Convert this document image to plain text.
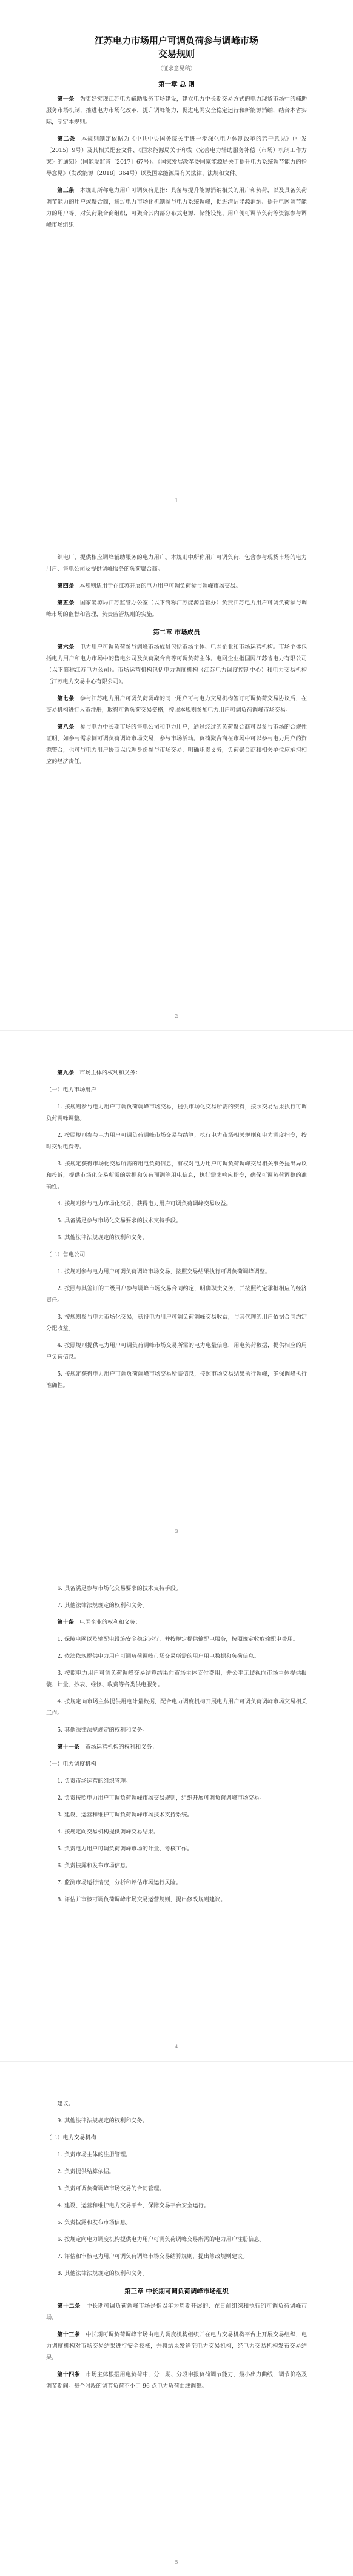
江苏电力市场用户可调负荷参与调峰市场
交易规则
（征求意见稿）
第一章 总 则

第一条　 为更好实现江苏电力辅助服务市场建设，建立电力中长期交易方式的电力现货市场中的辅助服务市场机制，推进电力市场化改革，提升调峰能力，促进电网安全稳定运行和新能源消纳，结合本省实际，制定本规则。

第二条　 本规则制定依据为《中共中央国务院关于进一步深化电力体制改革的若干意见》（中发〔2015〕9号）及其相关配套文件、《国家能源局关于印发〈完善电力辅助服务补偿（市场）机制工作方案〉的通知》（国能发监管〔2017〕67号）、《国家发展改革委国家能源局关于提升电力系统调节能力的指导意见》（发改能源〔2018〕364号）以及国家能源局有关法律、法规和文件。

第三条　 本规则所称电力用户可调负荷是指：具备与提升能源消纳相关的用户和负荷，以及具备负荷调节能力的用户或聚合商，通过电力市场化机制参与电力系统调峰，促进清洁能源消纳、提升电网调节能力的用户等。对负荷聚合商组织，可聚合其内部分布式电源、储能设施、用户侧可调节负荷等资源参与调峰市场组织

1

织电厂，提供相应调峰辅助服务的电力用户。本规则中所称用户可调负荷，包含参与现货市场的电力用户、售电公司及提供调峰服务的负荷聚合商。

第四条　 本规则适用于在江苏开展的电力用户可调负荷参与调峰市场交易。

第五条　 国家能源局江苏监管办公室（以下简称江苏能源监管办）负责江苏电力用户可调负荷参与调峰市场的监督和管理，负责监管规则的实施。

第二章 市场成员

第六条　 电力用户可调负荷参与调峰市场成员包括市场主体、电网企业和市场运营机构。市场主体包括电力用户和电力市场中的售电公司及负荷聚合商等可调负荷主体。电网企业指国网江苏省电力有限公司（以下简称江苏电力公司）。市场运营机构包括电力调度机构（江苏电力调度控制中心）和电力交易机构（江苏电力交易中心有限公司）。

第七条　 参与江苏电力用户可调负荷调峰的同一用户可与电力交易机构签订可调负荷交易协议后，在交易机构进行入市注册，取得可调负荷交易资格，按照本规则参加电力用户可调负荷调峰市场交易。

第八条　 参与电力中长期市场的售电公司和电力用户，通过经过的负荷聚合商可以参与市场的合规性证明，如参与需求侧可调负荷调峰市场交易，参与市场活动。负荷聚合商在市场中可以参与电力用户的资源整合，也可与电力用户协商以代理身份参与市场交易，明确职责义务，负荷聚合商和相关单位应承担相应的经济责任。

2

第九条　 市场主体的权利和义务：

（一）电力市场用户

1. 按规则参与电力用户可调负荷调峰市场交易，提供市场化交易所需的资料，按照交易结果执行可调负荷调峰调整。

2. 按照规则参与电力用户可调负荷调峰市场交易与结算，执行电力市场相关规则和电力调度指令，按时交纳电费等。

3. 按规定获得市场化交易所需的用电负荷信息，有权对电力用户可调负荷调峰交易相关事务提出异议和投诉，提供市场化交易所需的数据和负荷预测等用电信息，执行需求响应指令，确保可调负荷调整的准确性。

4. 按规则参与电力市场化交易，获得电力用户可调负荷调峰交易收益。

5. 具备满足参与市场化交易要求的技术支持手段。

6. 其他法律法规规定的权利和义务。

（二）售电公司

1. 按规则参与电力用户可调负荷调峰市场交易，按照交易结果执行可调负荷调峰调整。

2. 按照与其签订的二级用户参与调峰市场交易合同约定，明确职责义务，并按照约定承担相应的经济责任。

3. 按规则参与电力市场化交易，获得电力用户可调负荷调峰交易收益，与其代理的用户依据合同约定分配收益。

4. 按照规则提供电力用户可调负荷调峰市场交易所需的电力电量信息，用电负荷数据，提供相应的用户负荷信息。

5. 按规定获得电力用户可调负荷调峰市场交易所需信息，按照市场交易结果执行调峰，确保调峰执行准确性。

3

6. 具备满足参与市场化交易要求的技术支持手段。

7. 其他法律法规规定的权利和义务。

第十条　 电网企业的权利和义务：

1. 保障电网以及输配电设施安全稳定运行，并按规定提供输配电服务，按照规定收取输配电费用。

2. 依法依规提供电力用户可调负荷调峰市场交易所需的用户用电数据和负荷信息。

3. 按照电力用户可调负荷调峰交易结算结果向市场主体支付费用，并公平无歧视向市场主体提供报装、计量、抄表、维修、收费等各类供电服务。

4. 按规定向市场主体提供用电计量数据，配合电力调度机构开展电力用户可调负荷调峰市场交易相关工作。

5. 其他法律法规规定的权利和义务。

第十一条　 市场运营机构的权利和义务：

（一）电力调度机构

1. 负责市场运营的组织管理。

2. 负责按照电力用户可调负荷调峰市场交易规则，组织开展可调负荷调峰市场交易。

3. 建设、运营和维护可调负荷调峰市场技术支持系统。

4. 按规定向交易机构提供调峰交易结果。

5. 负责电力用户可调负荷调峰市场的计量、考核工作。

6. 负责披露和发布市场信息。

7. 监测市场运行情况，分析和评估市场运行风险。

8. 评估并审核可调负荷调峰市场交易运营规则，提出修改规则建议。

4

建议。

9. 其他法律法规规定的权利和义务。

（二）电力交易机构

1. 负责市场主体的注册管理。

2. 负责提供结算依据。

3. 负责可调负荷调峰市场交易的合同管理。

4. 建设、运营和维护电力交易平台，保障交易平台安全运行。

5. 负责披露和发布市场信息。

6. 按规定向电力调度机构提供电力用户可调负荷调峰交易所需的电力用户注册信息。

7. 评估和审核电力用户可调负荷调峰市场交易结算规则，提出修改规则建议。

8. 其他法律法规规定的权利和义务。

第三章 中长期可调负荷调峰市场组织

第十二条　 中长期可调负荷调峰市场是指以年为周期开展的、在日前组织和执行的可调负荷调峰市场。

第十三条　 中长期可调负荷调峰市场由电力调度机构组织并在电力交易机构平台上开展交易组织，电力调度机构对市场交易结果进行安全校核，并将结果发送至电力交易机构，经电力交易机构发布交易结果。

第十四条　 市场主体根据用电负荷中，分三期、分段申报负荷调节能力，最小出力曲线，调节价格及调节期间。每个时段的调节负荷不小于 96 点电力负荷曲线调整。

5
